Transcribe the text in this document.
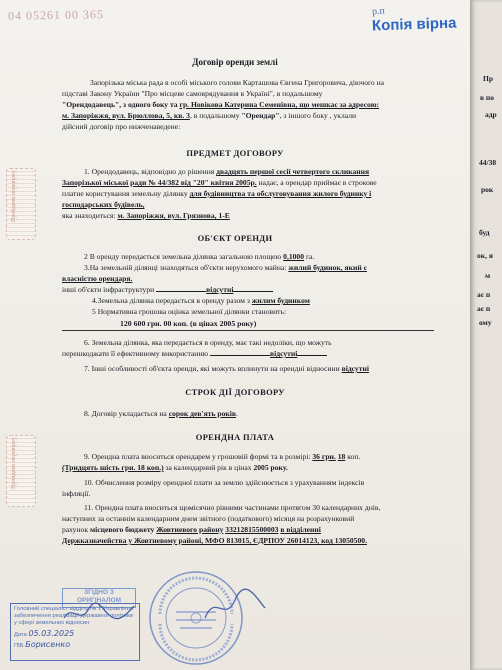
Пр
в по
адр
44/38
рок
буд
ок, я
м
ає п
ає п
ому
04 05261 00 365	р.п
Копія вірна
Договір оренди землі
Пройдено перевірку
Пройдено перевірку
Запорізька міська рада в особі міського голови Карташова Євгена Григоровича, діючого на
підставі Закону України "Про місцеве самоврядування в Україні", в подальшому
"Орендодавець", з одного боку та гр. Новікова Катерина Семенівна, що мешкає за адресою:
м. Запоріжжя, вул. Брюллова, 5, кв. 3, в подальшому "Орендар", з іншого боку , уклали
дійсний договір про нижченаведене:
ПРЕДМЕТ ДОГОВОРУ
1. Орендодавець, відповідно до рішення двадцять першої сесії четвертого скликання
Запорізької міської ради № 44/382 від "20" квітня 2005р. надає, а орендар приймає в строкове
платне користування земельну ділянку для будівництва та обслуговування жилого будинку і
господарських будівель,
яка знаходиться: м. Запоріжжя, вул. Грязнова, 1-Е
ОБ'ЄКТ ОРЕНДИ
2 В оренду передається земельна ділянка загальною площею 0,1000 га.
3.На земельній ділянці знаходяться об'єкти нерухомого майна: жилий будинок, який є
власністю орендаря.
інші об'єкти інфраструктури	відсутні
4.Земельна ділянка передається в оренду разом з жилим будинком
5 Нормативна грошова оцінка земельної ділянки становить:
120 600 грн. 00 коп. (в цінах 2005 року)
6. Земельна ділянка, яка передається в оренду, має такі недоліки, що можуть
перешкоджати її ефективному використанню	відсутні
7. Інші особливості об'єкта оренди, які можуть вплинути на орендні відносини відсутні
СТРОК ДІЇ ДОГОВОРУ
8. Договір укладається на сорок дев'ять років.
ОРЕНДНА ПЛАТА
9. Орендна плата вноситься орендарем у грошовій формі та в розмірі: 36 грн. 18 коп.
(Тридцять шість грн. 18 коп.) за календарний рік в цінах 2005 року.
10. Обчислення розміру орендної плати за землю здійснюється з урахуванням індексів
інфляції.
11. Орендна плата вноситься щомісячно рівними частинами протягом 30 календарних днів,
наступних за останнім календарним днем звітного (податкового) місяця на розрахунковий
рахунок місцевого бюджету Жовтневого району 33212815500003 в відділенні
Держказначейства у Жовтневому районі, МФО 813015, ЄДРПОУ 26014123, код 13050500.
ЗГІДНО З
ОРИГІНАЛОМ
Головний спеціаліст відділу № 1 Управління
забезпечення реалізації державної політики
у сфері земельних відносин
Дата 05.03.2025
ПІБ Борисенко
